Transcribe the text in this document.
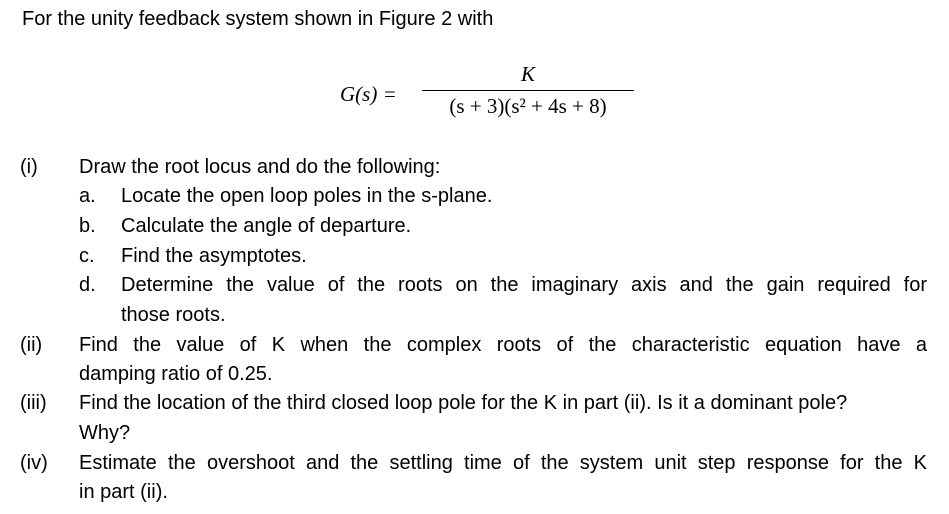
For the unity feedback system shown in Figure 2 with
G(s) =
K
(s + 3)(s² + 4s + 8)
(i) Draw the root locus and do the following:
a. Locate the open loop poles in the s-plane.
b. Calculate the angle of departure.
c. Find the asymptotes.
d. Determine the value of the roots on the imaginary axis and the gain required for
those roots.
(ii) Find the value of K when the complex roots of the characteristic equation have a
damping ratio of 0.25.
(iii) Find the location of the third closed loop pole for the K in part (ii). Is it a dominant pole?
Why?
(iv) Estimate the overshoot and the settling time of the system unit step response for the K
in part (ii).
